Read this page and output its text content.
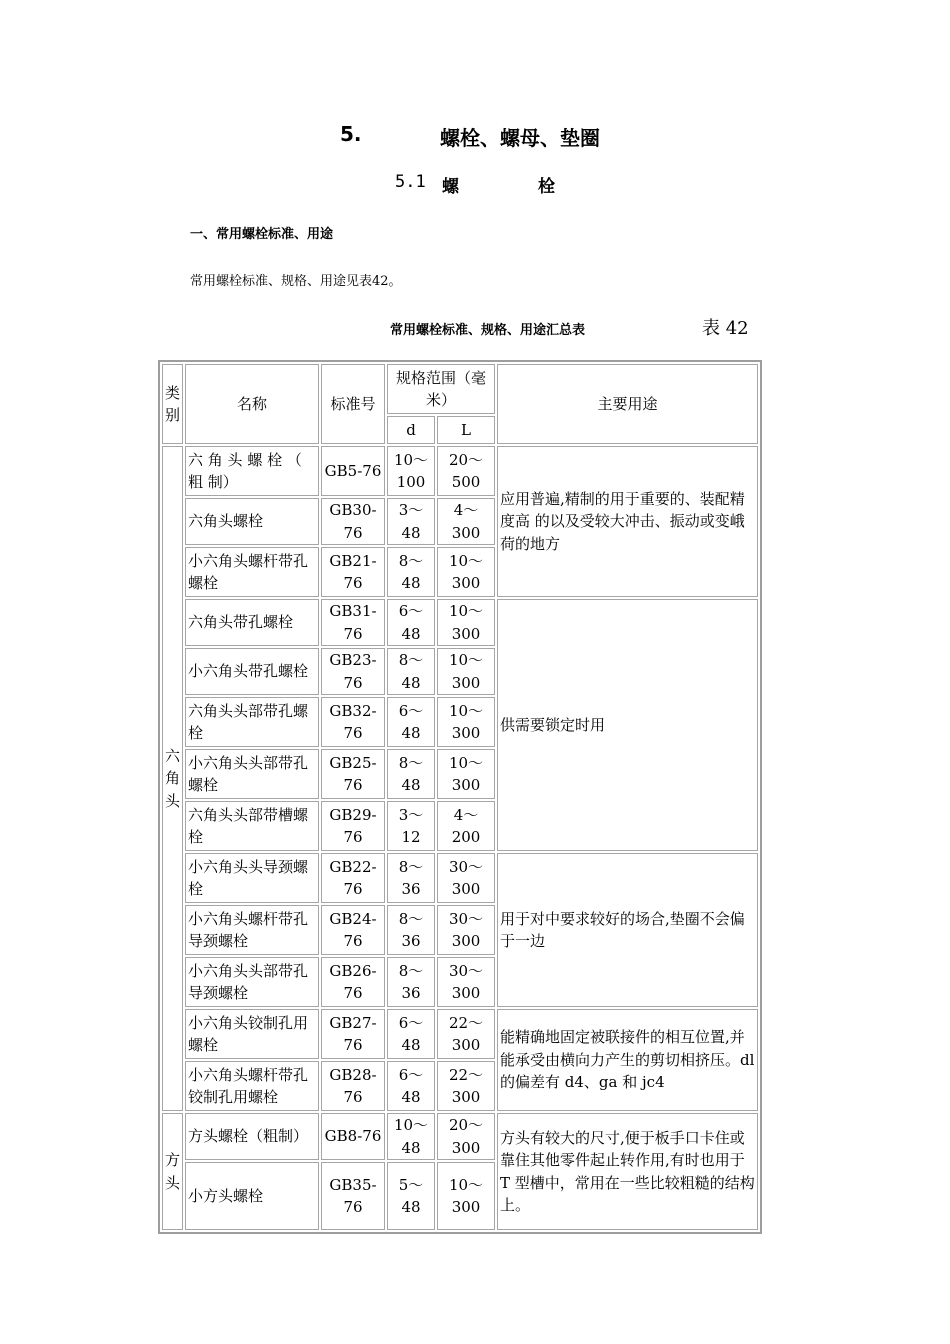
5.	螺栓、螺母、垫圈
5.1 螺	栓
一、常用螺栓标准、用途
常用螺栓标准、规格、用途见表42。
常用螺栓标准、规格、用途汇总表	表 42
类别	名称	标准号	规格范围（毫米）		主要用途
			d	L	
六角头	六 角 头 螺 栓 （ 粗 制）	GB5-76	10～100	20～500	应用普遍,精制的用于重要的、装配精度高 的以及受较大冲击、振动或变峨荷的地方
	六角头螺栓	GB30-76	3～48	4～300	
	小六角头螺杆带孔螺栓	GB21-76	8～48	10～300	
	六角头带孔螺栓	GB31-76	6～48	10～300	供需要锁定时用
	小六角头带孔螺栓	GB23-76	8～48	10～300	
	六角头头部带孔螺栓	GB32-76	6～48	10～300	
	小六角头头部带孔螺栓	GB25-76	8～48	10～300	
	六角头头部带槽螺栓	GB29-76	3～12	4～200	
	小六角头头导颈螺栓	GB22-76	8～36	30～300	用于对中要求较好的场合,垫圈不会偏于一边
	小六角头螺杆带孔导颈螺栓	GB24-76	8～36	30～300	
	小六角头头部带孔导颈螺栓	GB26-76	8～36	30～300	
	小六角头铰制孔用螺栓	GB27-76	6～48	22～300	能精确地固定被联接件的相互位置,并能承受由横向力产生的剪切相挤压。dl 的偏差有 d4、ga 和 jc4
	小六角头螺杆带孔铰制孔用螺栓	GB28-76	6～48	22～300	
方头	方头螺栓（粗制）	GB8-76	10～48	20～300	方头有较大的尺寸,便于板手口卡住或靠住其他零件起止转作用,有时也用于 T 型槽中，常用在一些比较粗糙的结构上。
	小方头螺栓	GB35-76	5～48	10～300	
